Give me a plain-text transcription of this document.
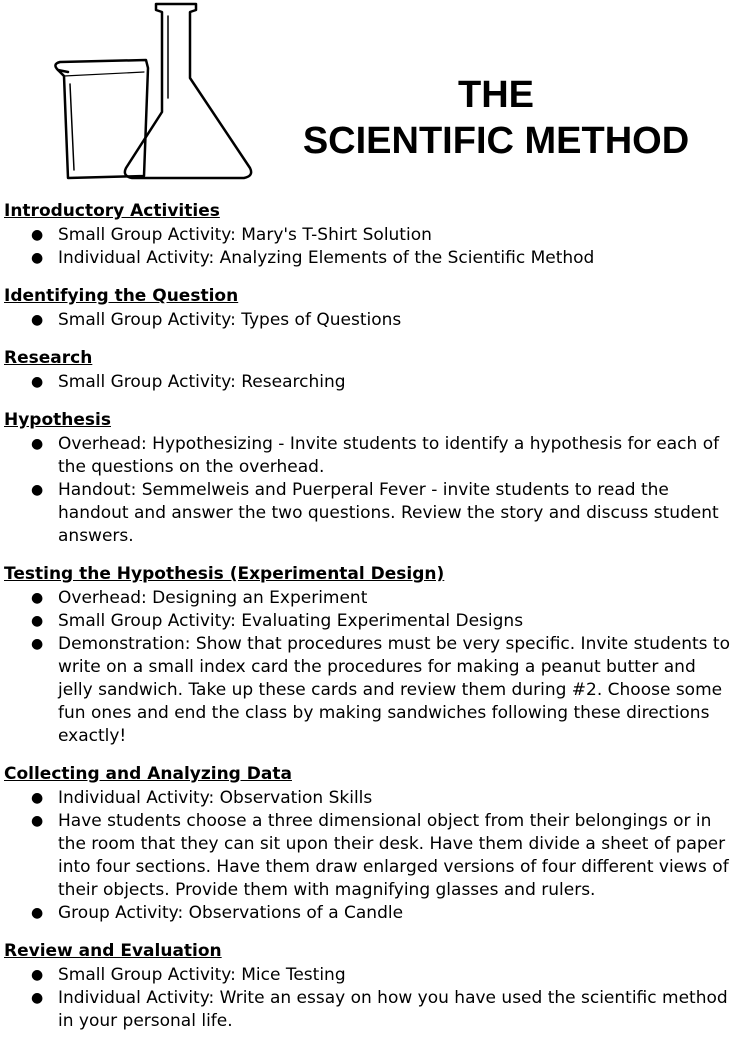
THE
SCIENTIFIC METHOD
Introductory Activities
● Small Group Activity: Mary's T-Shirt Solution
● Individual Activity: Analyzing Elements of the Scientific Method
Identifying the Question
● Small Group Activity: Types of Questions
Research
● Small Group Activity: Researching
Hypothesis
● Overhead: Hypothesizing - Invite students to identify a hypothesis for each of the questions on the overhead.
● Handout: Semmelweis and Puerperal Fever - invite students to read the handout and answer the two questions. Review the story and discuss student answers.
Testing the Hypothesis (Experimental Design)
● Overhead: Designing an Experiment
● Small Group Activity: Evaluating Experimental Designs
● Demonstration: Show that procedures must be very specific. Invite students to write on a small index card the procedures for making a peanut butter and jelly sandwich. Take up these cards and review them during #2. Choose some fun ones and end the class by making sandwiches following these directions exactly!
Collecting and Analyzing Data
● Individual Activity: Observation Skills
● Have students choose a three dimensional object from their belongings or in the room that they can sit upon their desk. Have them divide a sheet of paper into four sections. Have them draw enlarged versions of four different views of their objects. Provide them with magnifying glasses and rulers.
● Group Activity: Observations of a Candle
Review and Evaluation
● Small Group Activity: Mice Testing
● Individual Activity: Write an essay on how you have used the scientific method in your personal life.
